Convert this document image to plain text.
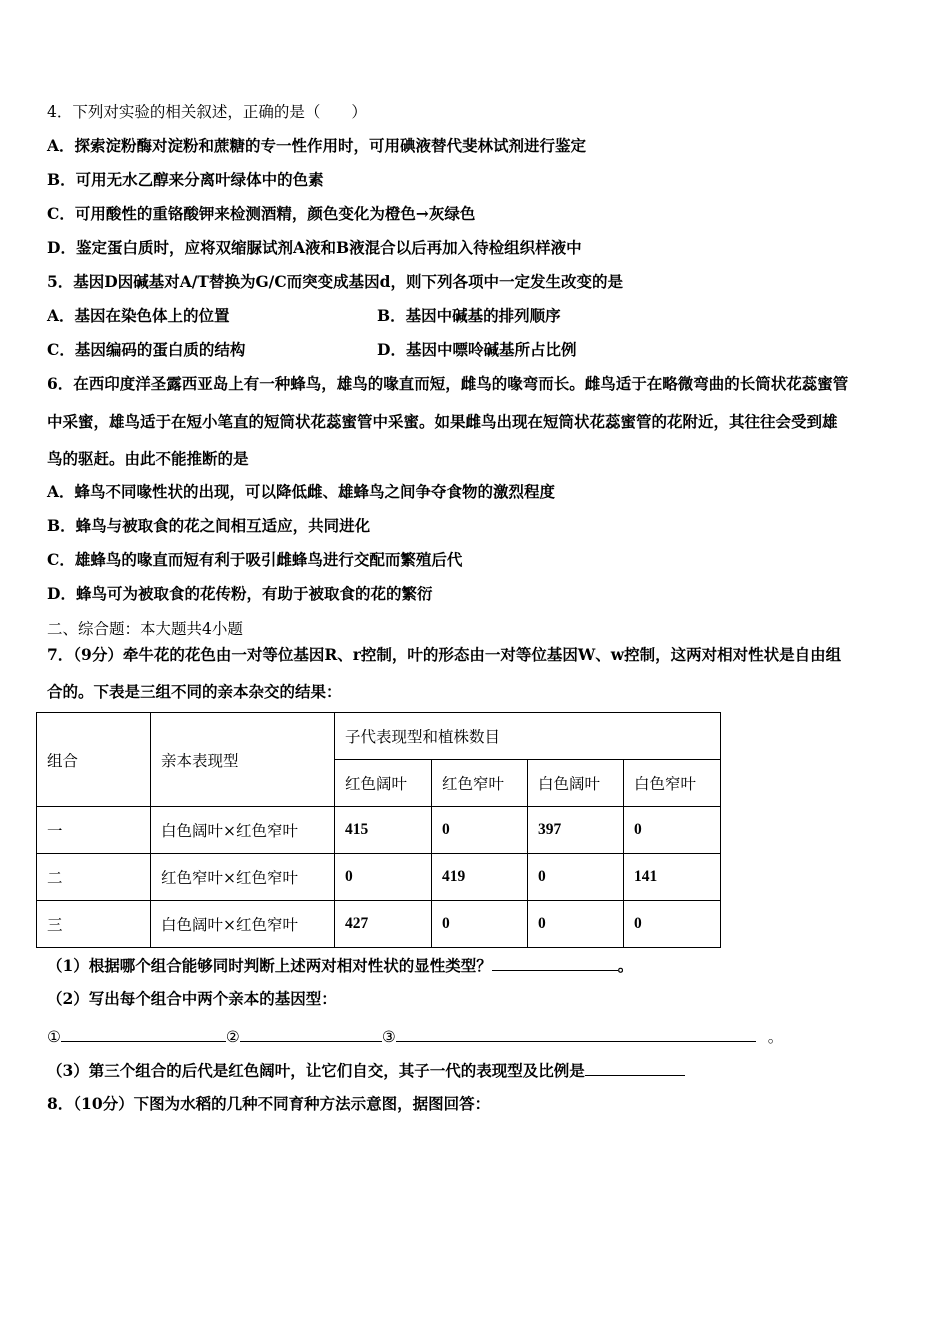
4．下列对实验的相关叙述，正确的是（　　）
A．探索淀粉酶对淀粉和蔗糖的专一性作用时，可用碘液替代斐林试剂进行鉴定
B．可用无水乙醇来分离叶绿体中的色素
C．可用酸性的重铬酸钾来检测酒精，颜色变化为橙色→灰绿色
D．鉴定蛋白质时，应将双缩脲试剂A液和B液混合以后再加入待检组织样液中
5．基因D因碱基对A/T替换为G/C而突变成基因d，则下列各项中一定发生改变的是
A．基因在染色体上的位置	B．基因中碱基的排列顺序
C．基因编码的蛋白质的结构	D．基因中嘌呤碱基所占比例
6．在西印度洋圣露西亚岛上有一种蜂鸟，雄鸟的喙直而短，雌鸟的喙弯而长。雌鸟适于在略微弯曲的长筒状花蕊蜜管
中采蜜，雄鸟适于在短小笔直的短筒状花蕊蜜管中采蜜。如果雌鸟出现在短筒状花蕊蜜管的花附近，其往往会受到雄
鸟的驱赶。由此不能推断的是
A．蜂鸟不同喙性状的出现，可以降低雌、雄蜂鸟之间争夺食物的激烈程度
B．蜂鸟与被取食的花之间相互适应，共同进化
C．雄蜂鸟的喙直而短有利于吸引雌蜂鸟进行交配而繁殖后代
D．蜂鸟可为被取食的花传粉，有助于被取食的花的繁衍
二、综合题：本大题共4小题
7．（9分）牵牛花的花色由一对等位基因R、r控制，叶的形态由一对等位基因W、w控制，这两对相对性状是自由组
合的。下表是三组不同的亲本杂交的结果：
组合	亲本表现型	子代表现型和植株数目			
		红色阔叶	红色窄叶	白色阔叶	白色窄叶
一	白色阔叶×红色窄叶	415	0	397	0
二	红色窄叶×红色窄叶	0	419	0	141
三	白色阔叶×红色窄叶	427	0	0	0
（1）根据哪个组合能够同时判断上述两对相对性状的显性类型？	。
（2）写出每个组合中两个亲本的基因型：
①	②	③	。
（3）第三个组合的后代是红色阔叶，让它们自交，其子一代的表现型及比例是
8．（10分）下图为水稻的几种不同育种方法示意图，据图回答：
